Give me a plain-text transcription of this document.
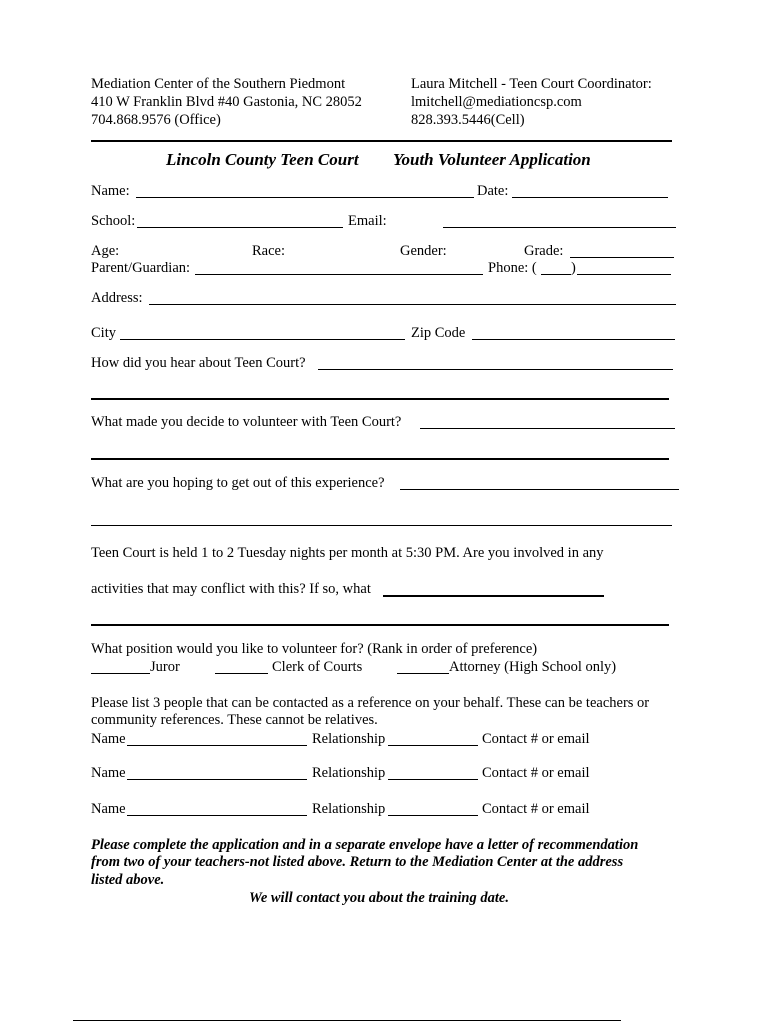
Mediation Center of the Southern Piedmont
410 W Franklin Blvd #40 Gastonia, NC 28052
704.868.9576 (Office)
Laura Mitchell - Teen Court Coordinator:
lmitchell@mediationcsp.com
828.393.5446(Cell)
Lincoln County Teen Court Youth Volunteer Application
Name:	Date:
School:	Email:
Age:	Race:	Gender:	Grade:
Parent/Guardian:	Phone: ( )
Address:
City	Zip Code
How did you hear about Teen Court?
What made you decide to volunteer with Teen Court?
What are you hoping to get out of this experience?
Teen Court is held 1 to 2 Tuesday nights per month at 5:30 PM. Are you involved in any
activities that may conflict with this? If so, what
What position would you like to volunteer for? (Rank in order of preference)
Juror	Clerk of Courts	Attorney (High School only)
Please list 3 people that can be contacted as a reference on your behalf. These can be teachers or
community references. These cannot be relatives.
Name	Relationship	Contact # or email
Name	Relationship	Contact # or email
Name	Relationship	Contact # or email
Please complete the application and in a separate envelope have a letter of recommendation
from two of your teachers-not listed above. Return to the Mediation Center at the address
listed above.
We will contact you about the training date.
